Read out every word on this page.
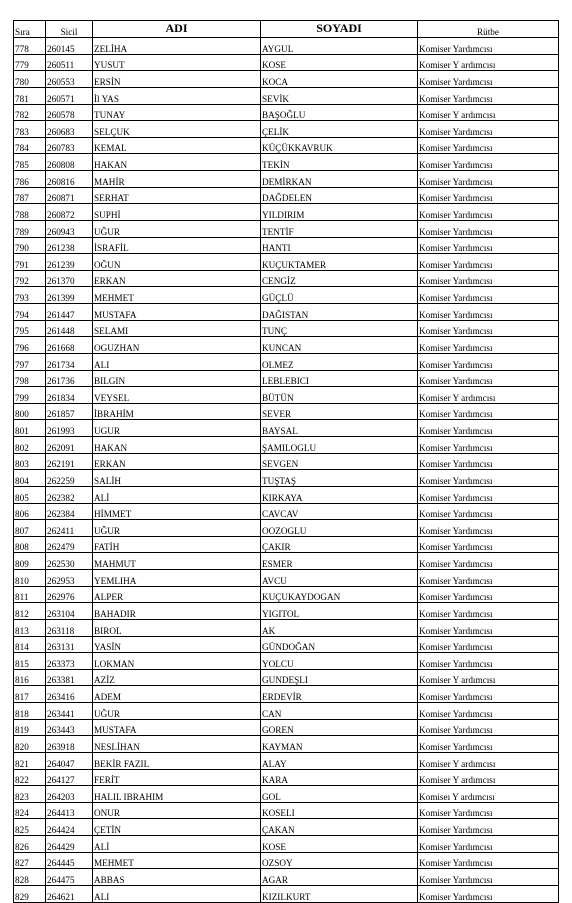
Sıra	Sicil	ADI	SOYADI	Rütbe
778	260145	ZELİHA	AYGUL	Komiser Yardımcısı
779	260511	YUSUT	KOSE	Komiser Y ardımcısı
780	260553	ERSİN	KOCA	Komiser Yardımcısı
781	260571	İl YAS	SEVİK	Komiser Yardımcısı
782	260578	TUNAY	BAŞOĞLU	Komiser Y ardımcısı
783	260683	SELÇUK	ÇELİK	Komiser Yardımcısı
784	260783	KEMAL	KÜÇÜKKAVRUK	Komiser Yardımcısı
785	260808	HAKAN	TEKİN	Komiser Yardımcısı
786	260816	MAHİR	DEMİRKAN	Komiser Yardımcısı
787	260871	SERHAT	DAĞDELEN	Komiser Yardımcısı
788	260872	SUPHİ	YILDIRIM	Komiser Yardımcısı
789	260943	UĞUR	TENTİF	Komiser Yardımcısı
790	261238	İSRAFİL	HANTI	Komiser Yardımcısı
791	261239	OĞUN	KUÇUKTAMER	Komiser Yardımcısı
792	261370	ERKAN	CENGİZ	Komiser Yardımcısı
793	261399	MEHMET	GÜÇLÜ	Komiser Yardımcısı
794	261447	MUSTAFA	DAĞISTAN	Komiser Yardımcısı
795	261448	SELAMI	TUNÇ	Komiser Yardımcısı
796	261668	OGUZHAN	KUNCAN	Komiser Yardımcısı
797	261734	ALI	OLMEZ	Komiser Yardımcısı
798	261736	BILGIN	LEBLEBICI	Komiser Yardımcısı
799	261834	VEYSEL	BÜTÜN	Komiser Y ardımcısı
800	261857	İBRAHİM	SEVER	Komiser Yardımcısı
801	261993	UGUR	BAYSAL	Komiser Yardımcısı
802	262091	HAKAN	ŞAMILOGLU	Komiser Yardımcısı
803	262191	ERKAN	SEVGEN	Komiser Yardımcısı
804	262259	SALİH	TUŞTAŞ	Komiser Yardımcısı
805	262382	ALİ	KIRKAYA	Komiser Yardımcısı
806	262384	HİMMET	CAVCAV	Komiser Yardımcısı
807	262411	UĞUR	OOZOGLU	Komiser Yardımcısı
808	262479	FATİH	ÇAKIR	Komiser Yardımcısı
809	262530	MAHMUT	ESMER	Komiser Yardımcısı
810	262953	YEMLIHA	AVCU	Komiser Yardımcısı
811	262976	ALPER	KUÇUKAYDOGAN	Komiser Yardımcısı
812	263104	BAHADIR	YIGITOL	Komiser Yardımcısı
813	263118	BIROL	AK	Komiser Yardımcısı
814	263131	YASİN	GÜNDOĞAN	Komiser Yardımcısı
815	263373	LOKMAN	YOLCU	Komiser Yardımcısı
816	263381	AZİZ	GUNDEŞLI	Komiser Y ardımcısı
817	263416	ADEM	ERDEVİR	Komiser Yardımcısı
818	263441	UĞUR	CAN	Komiser Yardımcısı
819	263443	MUSTAFA	GOREN	Komiser Yardımcısı
820	263918	NESLİHAN	KAYMAN	Komiser Yardımcısı
821	264047	BEKİR FAZIL	ALAY	Komiser Y ardımcısı
822	264127	FERİT	KARA	Komiser Y ardımcısı
823	264203	HALIL IBRAHIM	GOL	Komiseı Y ardımcısı
824	264413	ONUR	KOSELI	Komiser Yardımcısı
825	264424	ÇETİN	ÇAKAN	Komiser Yardımcısı
826	264429	ALİ	KOSE	Komiser Yardımcısı
827	264445	MEHMET	OZSOY	Komiser Yardımcısı
828	264475	ABBAS	AGAR	Komiser Yardımcısı
829	264621	ALI	KIZILKURT	Komiser Yardımcısı
